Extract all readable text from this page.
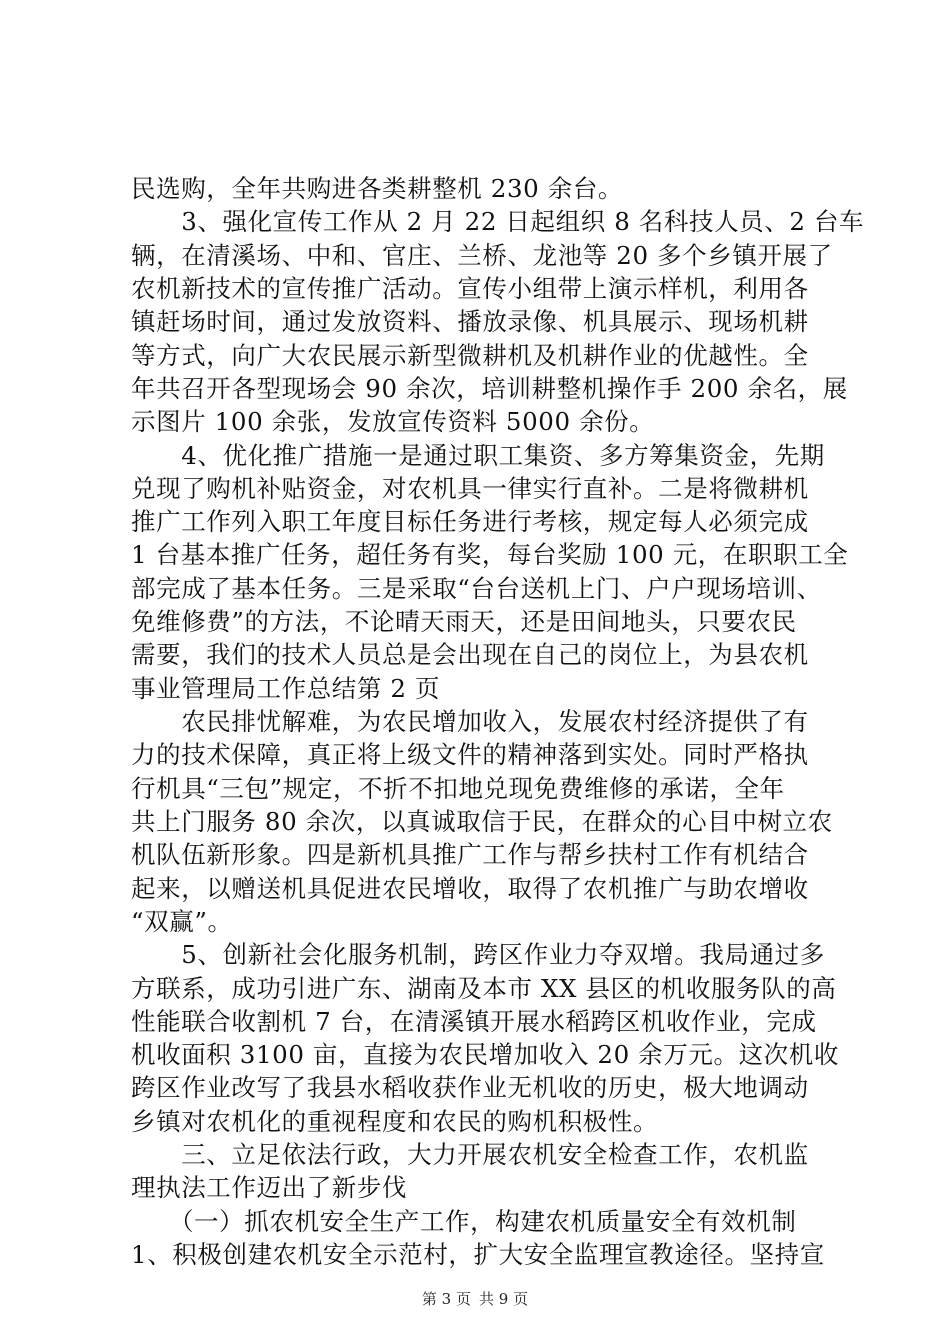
民选购，全年共购进各类耕整机 230 余台。
　　3、强化宣传工作从 2 月 22 日起组织 8 名科技人员、2 台车
辆，在清溪场、中和、官庄、兰桥、龙池等 20 多个乡镇开展了
农机新技术的宣传推广活动。宣传小组带上演示样机，利用各
镇赶场时间，通过发放资料、播放录像、机具展示、现场机耕
等方式，向广大农民展示新型微耕机及机耕作业的优越性。全
年共召开各型现场会 90 余次，培训耕整机操作手 200 余名，展
示图片 100 余张，发放宣传资料 5000 余份。
　　4、优化推广措施一是通过职工集资、多方筹集资金，先期
兑现了购机补贴资金，对农机具一律实行直补。二是将微耕机
推广工作列入职工年度目标任务进行考核，规定每人必须完成
1 台基本推广任务，超任务有奖，每台奖励 100 元，在职职工全
部完成了基本任务。三是采取“台台送机上门、户户现场培训、
免维修费”的方法，不论晴天雨天，还是田间地头，只要农民
需要，我们的技术人员总是会出现在自己的岗位上，为县农机
事业管理局工作总结第 2 页
　　农民排忧解难，为农民增加收入，发展农村经济提供了有
力的技术保障，真正将上级文件的精神落到实处。同时严格执
行机具“三包”规定，不折不扣地兑现免费维修的承诺，全年
共上门服务 80 余次，以真诚取信于民，在群众的心目中树立农
机队伍新形象。四是新机具推广工作与帮乡扶村工作有机结合
起来，以赠送机具促进农民增收，取得了农机推广与助农增收
“双赢”。
　　5、创新社会化服务机制，跨区作业力夺双增。我局通过多
方联系，成功引进广东、湖南及本市 XX 县区的机收服务队的高
性能联合收割机 7 台，在清溪镇开展水稻跨区机收作业，完成
机收面积 3100 亩，直接为农民增加收入 20 余万元。这次机收
跨区作业改写了我县水稻收获作业无机收的历史，极大地调动
乡镇对农机化的重视程度和农民的购机积极性。
　　三、立足依法行政，大力开展农机安全检查工作，农机监
理执法工作迈出了新步伐
　　（一）抓农机安全生产工作，构建农机质量安全有效机制
1、积极创建农机安全示范村，扩大安全监理宣教途径。坚持宣
第 3 页 共 9 页
